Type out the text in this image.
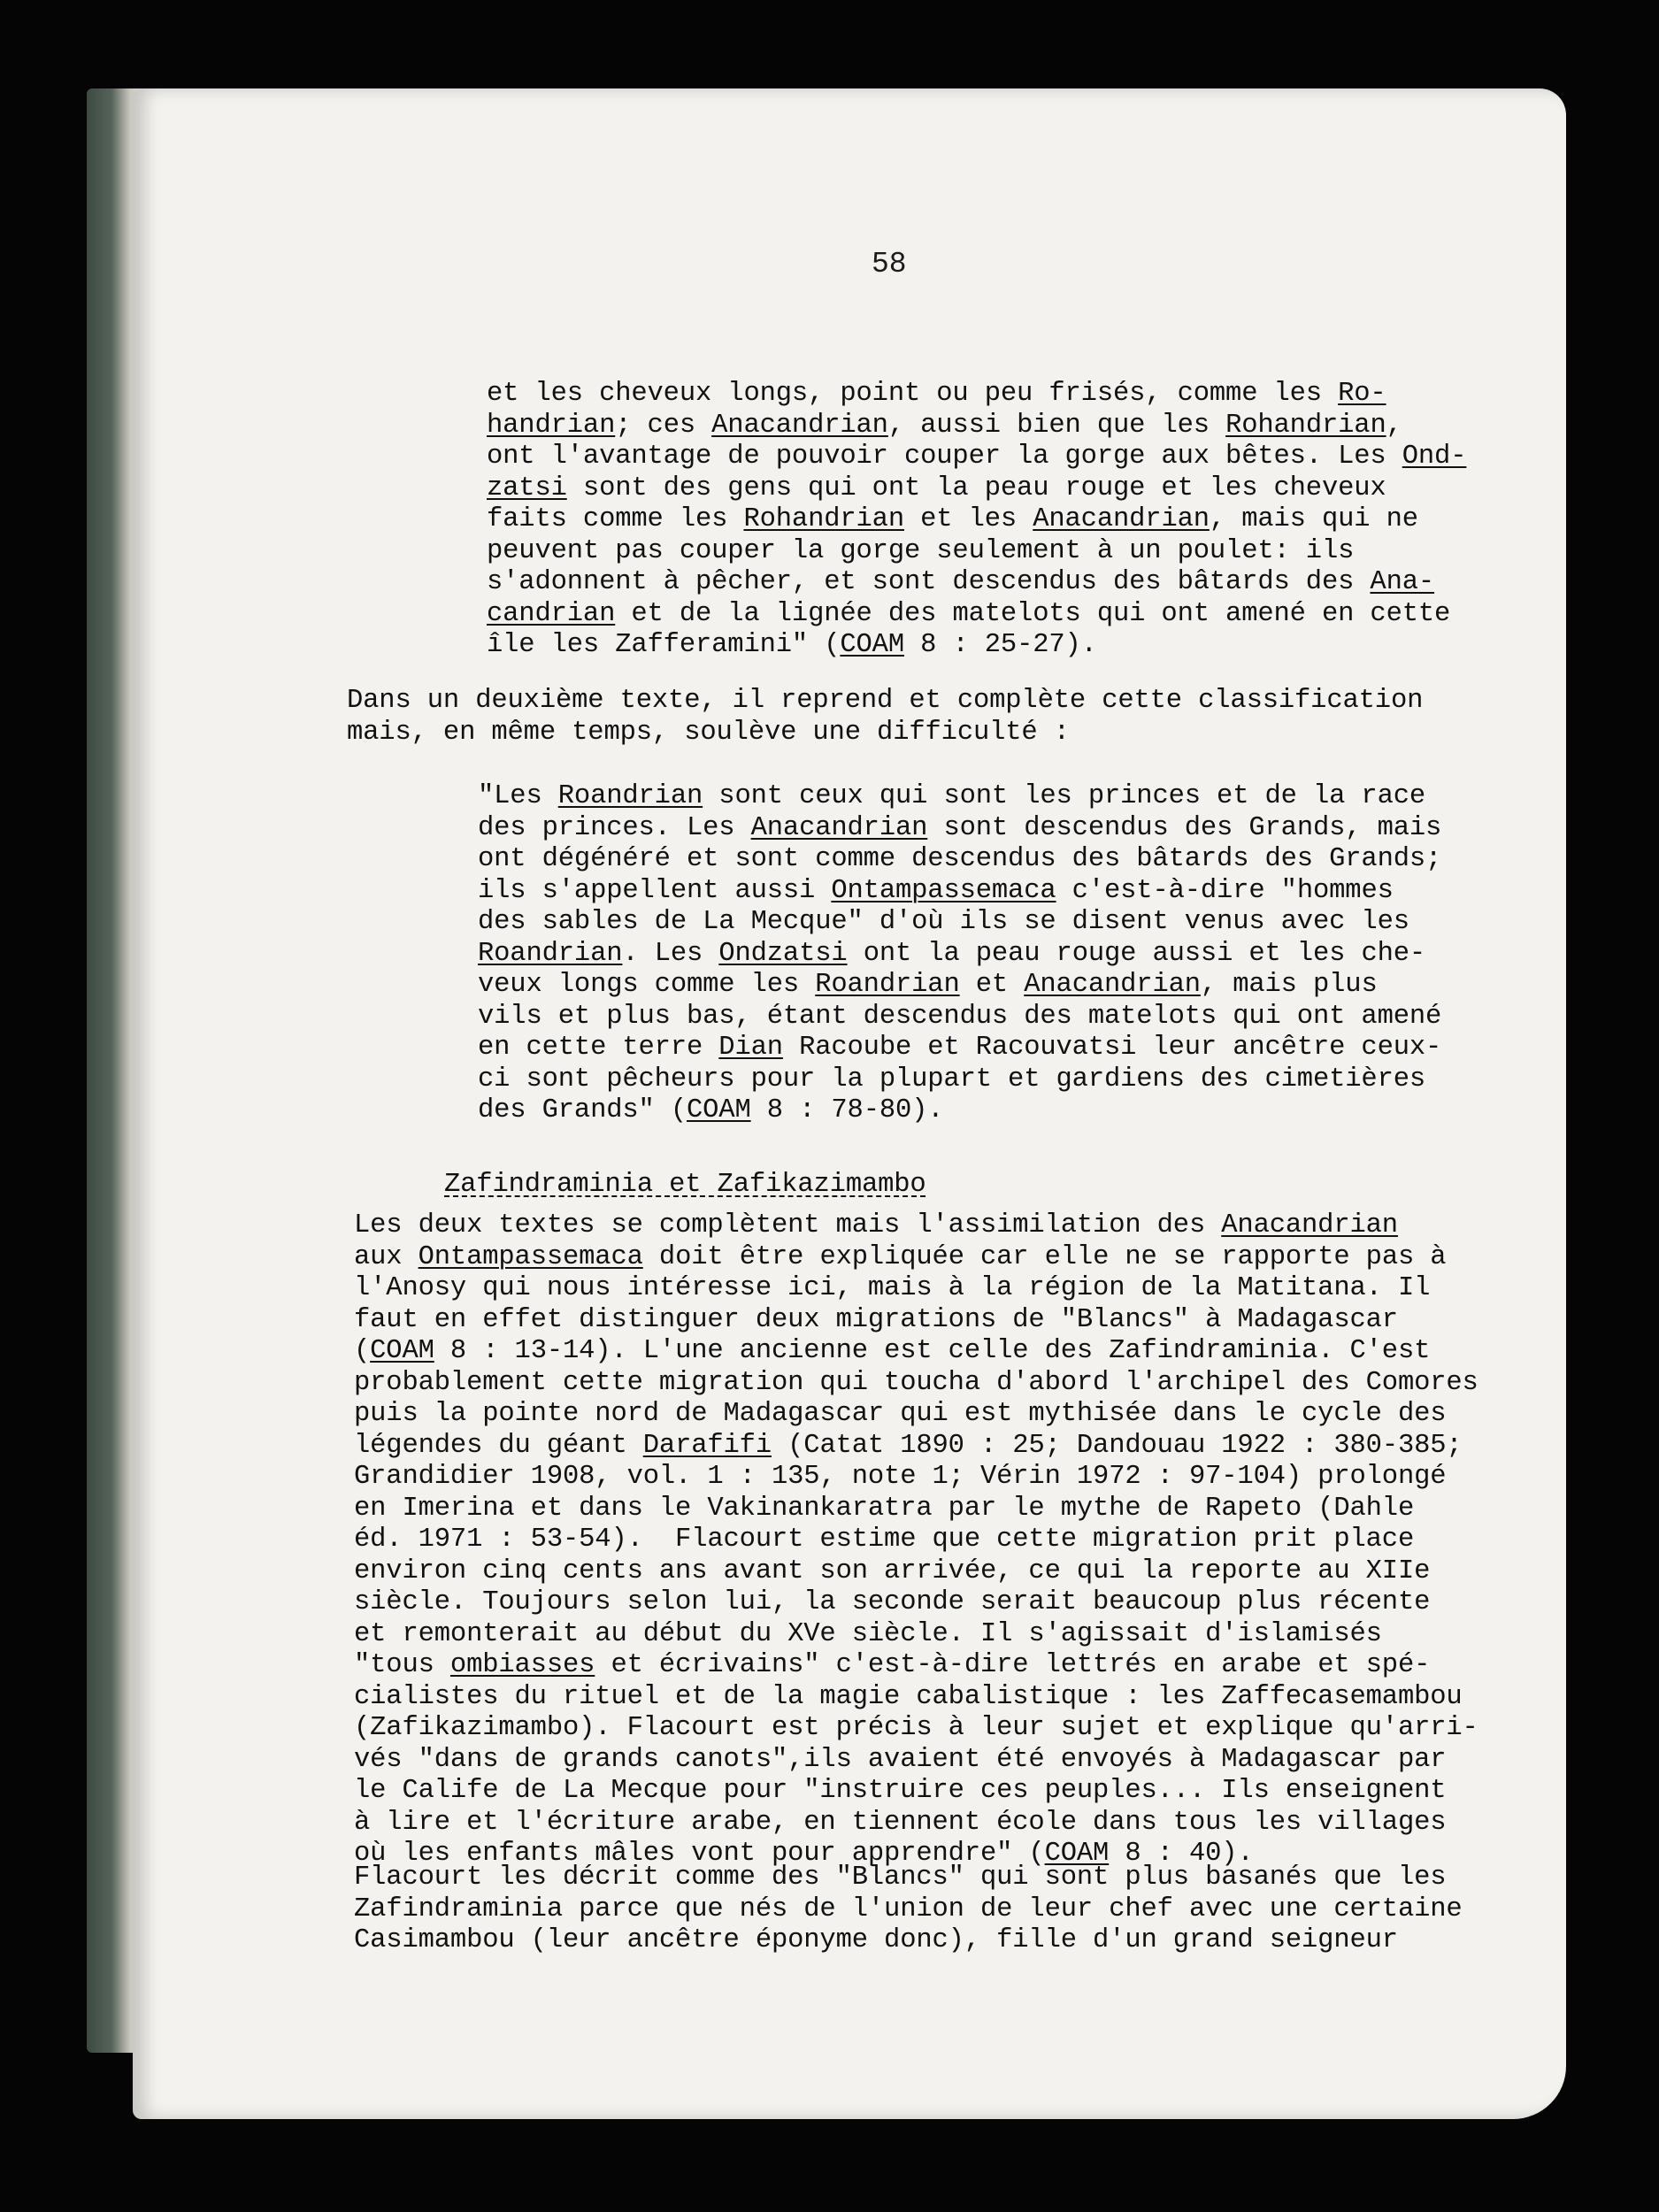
58
et les cheveux longs, point ou peu frisés, comme les Ro-
handrian; ces Anacandrian, aussi bien que les Rohandrian,
ont l'avantage de pouvoir couper la gorge aux bêtes. Les Ond-
zatsi sont des gens qui ont la peau rouge et les cheveux
faits comme les Rohandrian et les Anacandrian, mais qui ne
peuvent pas couper la gorge seulement à un poulet: ils
s'adonnent à pêcher, et sont descendus des bâtards des Ana-
candrian et de la lignée des matelots qui ont amené en cette
île les Zafferamini" (COAM 8 : 25-27).
Dans un deuxième texte, il reprend et complète cette classification
mais, en même temps, soulève une difficulté :
"Les Roandrian sont ceux qui sont les princes et de la race
des princes. Les Anacandrian sont descendus des Grands, mais
ont dégénéré et sont comme descendus des bâtards des Grands;
ils s'appellent aussi Ontampassemaca c'est-à-dire "hommes
des sables de La Mecque" d'où ils se disent venus avec les
Roandrian. Les Ondzatsi ont la peau rouge aussi et les che-
veux longs comme les Roandrian et Anacandrian, mais plus
vils et plus bas, étant descendus des matelots qui ont amené
en cette terre Dian Racoube et Racouvatsi leur ancêtre ceux-
ci sont pêcheurs pour la plupart et gardiens des cimetières
des Grands" (COAM 8 : 78-80).
Zafindraminia et Zafikazimambo
Les deux textes se complètent mais l'assimilation des Anacandrian
aux Ontampassemaca doit être expliquée car elle ne se rapporte pas à
l'Anosy qui nous intéresse ici, mais à la région de la Matitana. Il
faut en effet distinguer deux migrations de "Blancs" à Madagascar
(COAM 8 : 13-14). L'une ancienne est celle des Zafindraminia. C'est
probablement cette migration qui toucha d'abord l'archipel des Comores
puis la pointe nord de Madagascar qui est mythisée dans le cycle des
légendes du géant Darafifi (Catat 1890 : 25; Dandouau 1922 : 380-385;
Grandidier 1908, vol. 1 : 135, note 1; Vérin 1972 : 97-104) prolongé
en Imerina et dans le Vakinankaratra par le mythe de Rapeto (Dahle
éd. 1971 : 53-54).  Flacourt estime que cette migration prit place
environ cinq cents ans avant son arrivée, ce qui la reporte au XIIe
siècle. Toujours selon lui, la seconde serait beaucoup plus récente
et remonterait au début du XVe siècle. Il s'agissait d'islamisés
"tous ombiasses et écrivains" c'est-à-dire lettrés en arabe et spé-
cialistes du rituel et de la magie cabalistique : les Zaffecasemambou
(Zafikazimambo). Flacourt est précis à leur sujet et explique qu'arri-
vés "dans de grands canots",ils avaient été envoyés à Madagascar par
le Calife de La Mecque pour "instruire ces peuples... Ils enseignent
à lire et l'écriture arabe, en tiennent école dans tous les villages
où les enfants mâles vont pour apprendre" (COAM 8 : 40).
Flacourt les décrit comme des "Blancs" qui sont plus basanés que les
Zafindraminia parce que nés de l'union de leur chef avec une certaine
Casimambou (leur ancêtre éponyme donc), fille d'un grand seigneur
